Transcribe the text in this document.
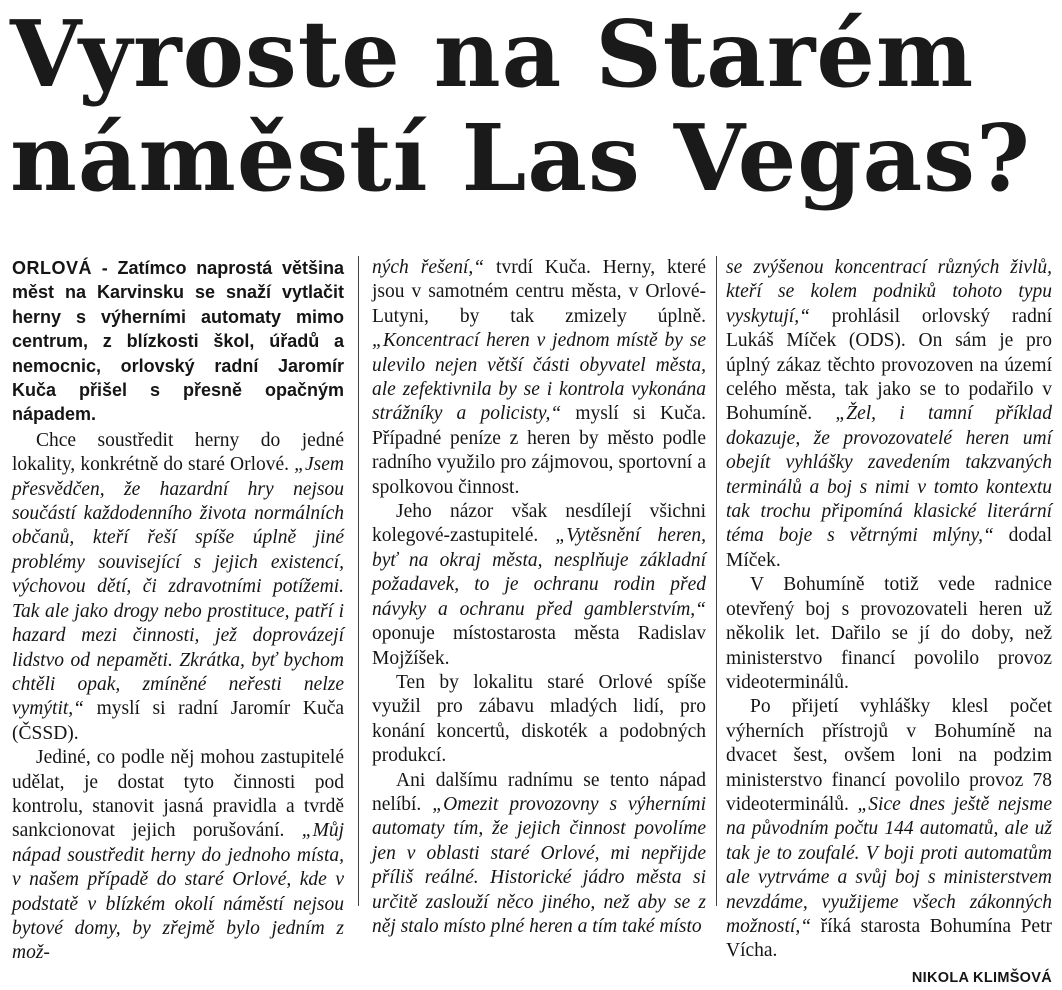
Vyroste na Starém
náměstí Las Vegas?

ORLOVÁ - Zatímco naprostá většina měst na Karvinsku se snaží vytlačit herny s výherními automaty mimo centrum, z blízkosti škol, úřadů a nemocnic, orlovský radní Jaromír Kuča přišel s přesně opačným nápadem.

Chce soustředit herny do jedné lokality, konkrétně do staré Orlové. „Jsem přesvědčen, že hazardní hry nejsou součástí každodenního života normálních občanů, kteří řeší spíše úplně jiné problémy související s jejich existencí, výchovou dětí, či zdravotními potížemi. Tak ale jako drogy nebo prostituce, patří i hazard mezi činnosti, jež doprovázejí lidstvo od nepaměti. Zkrátka, byť bychom chtěli opak, zmíněné neřesti nelze vymýtit,“ myslí si radní Jaromír Kuča (ČSSD).

Jediné, co podle něj mohou zastupitelé udělat, je dostat tyto činnosti pod kontrolu, stanovit jasná pravidla a tvrdě sankcionovat jejich porušování. „Můj nápad soustředit herny do jednoho místa, v našem případě do staré Orlové, kde v podstatě v blízkém okolí náměstí nejsou bytové domy, by zřejmě bylo jedním z mož-

ných řešení,“ tvrdí Kuča. Herny, které jsou v samotném centru města, v Orlové-Lutyni, by tak zmizely úplně. „Koncentrací heren v jednom místě by se ulevilo nejen větší části obyvatel města, ale zefektivnila by se i kontrola vykonána strážníky a policisty,“ myslí si Kuča. Případné peníze z heren by město podle radního využilo pro zájmovou, sportovní a spolkovou činnost.

Jeho názor však nesdílejí všichni kolegové-zastupitelé. „Vytěsnění heren, byť na okraj města, nesplňuje základní požadavek, to je ochranu rodin před návyky a ochranu před gamblerstvím,“ oponuje místostarosta města Radislav Mojžíšek.

Ten by lokalitu staré Orlové spíše využil pro zábavu mladých lidí, pro konání koncertů, diskoték a podobných produkcí.

Ani dalšímu radnímu se tento nápad nelíbí. „Omezit provozovny s výherními automaty tím, že jejich činnost povolíme jen v oblasti staré Orlové, mi nepřijde příliš reálné. Historické jádro města si určitě zaslouží něco jiného, než aby se z něj stalo místo plné heren a tím také místo

se zvýšenou koncentrací různých živlů, kteří se kolem podniků tohoto typu vyskytují,“ prohlásil orlovský radní Lukáš Míček (ODS). On sám je pro úplný zákaz těchto provozoven na území celého města, tak jako se to podařilo v Bohumíně. „Žel, i tamní příklad dokazuje, že provozovatelé heren umí obejít vyhlášky zavedením takzvaných terminálů a boj s nimi v tomto kontextu tak trochu připomíná klasické literární téma boje s větrnými mlýny,“ dodal Míček.

V Bohumíně totiž vede radnice otevřený boj s provozovateli heren už několik let. Dařilo se jí do doby, než ministerstvo financí povolilo provoz videoterminálů.

Po přijetí vyhlášky klesl počet výherních přístrojů v Bohumíně na dvacet šest, ovšem loni na podzim ministerstvo financí povolilo provoz 78 videoterminálů. „Sice dnes ještě nejsme na původním počtu 144 automatů, ale už tak je to zoufalé. V boji proti automatům ale vytrváme a svůj boj s ministerstvem nevzdáme, využijeme všech zákonných možností,“ říká starosta Bohumína Petr Vícha.

NIKOLA KLIMŠOVÁ
